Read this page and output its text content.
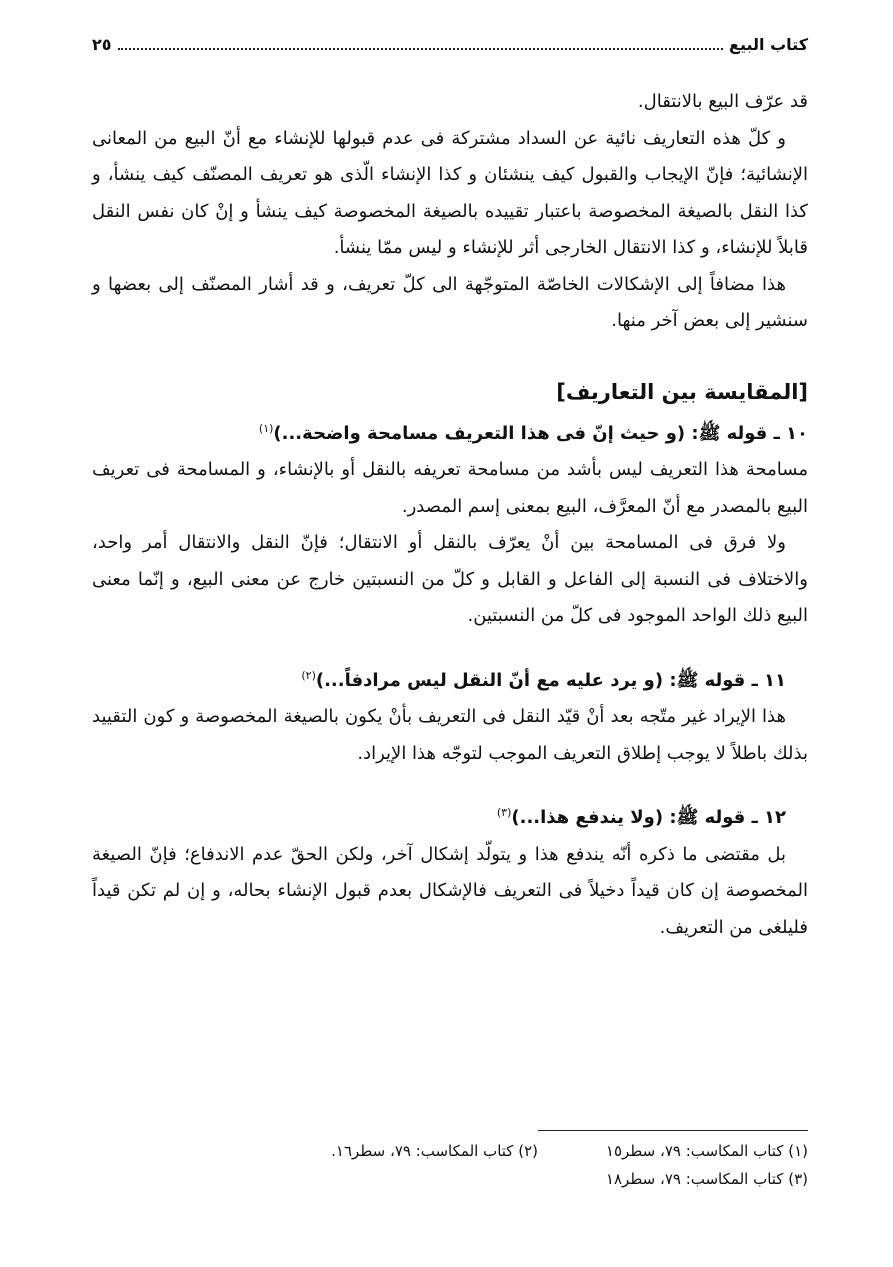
كتاب البيع
٢٥

قد عرّف البيع بالانتقال.

و كلّ هذه التعاريف نائية عن السداد مشتركة فى عدم قبولها للإنشاء مع أنّ البيع من المعانى الإنشائية؛ فإنّ الإيجاب والقبول كيف ينشئان و كذا الإنشاء الّذى هو تعريف المصنّف كيف ينشأ، و كذا النقل بالصيغة المخصوصة باعتبار تقييده بالصيغة المخصوصة كيف ينشأ و إنْ كان نفس النقل قابلاً للإنشاء، و كذا الانتقال الخارجى أثر للإنشاء و ليس ممّا ينشأ.

هذا مضافاً إلى الإشكالات الخاصّة المتوجّهة الى كلّ تعريف، و قد أشار المصنّف إلى بعضها و سنشير إلى بعض آخر منها.

[المقايسة بين التعاريف]

١٠ ـ قوله ﷺ: (و حيث إنّ فى هذا التعريف مسامحة واضحة...)$^{(١)}$

مسامحة هذا التعريف ليس بأشد من مسامحة تعريفه بالنقل أو بالإنشاء، و المسامحة فى تعريف البيع بالمصدر مع أنّ المعرَّف، البيع بمعنى إسم المصدر.

ولا فرق فى المسامحة بين أنْ يعرّف بالنقل أو الانتقال؛ فإنّ النقل والانتقال أمر واحد، والاختلاف فى النسبة إلى الفاعل و القابل و كلّ من النسبتين خارج عن معنى البيع، و إنّما معنى البيع ذلك الواحد الموجود فى كلّ من النسبتين.

١١ ـ قوله ﷺ: (و يرد عليه مع أنّ النقل ليس مرادفاً...)$^{(٢)}$

هذا الإيراد غير متّجه بعد أنْ قيّد النقل فى التعريف بأنْ يكون بالصيغة المخصوصة و كون التقييد بذلك باطلاً لا يوجب إطلاق التعريف الموجب لتوجّه هذا الإيراد.

١٢ ـ قوله ﷺ: (ولا يندفع هذا...)$^{(٣)}$

بل مقتضى ما ذكره أنّه يندفع هذا و يتولّد إشكال آخر، ولكن الحقّ عدم الاندفاع؛ فإنّ الصيغة المخصوصة إن كان قيداً دخيلاً فى التعريف فالإشكال بعدم قبول الإنشاء بحاله، و إن لم تكن قيداً فليلغى من التعريف.

(١) كتاب المكاسب: ٧٩، سطر١٥
(٢) كتاب المكاسب: ٧٩، سطر١٦.
(٣) كتاب المكاسب: ٧٩، سطر١٨
